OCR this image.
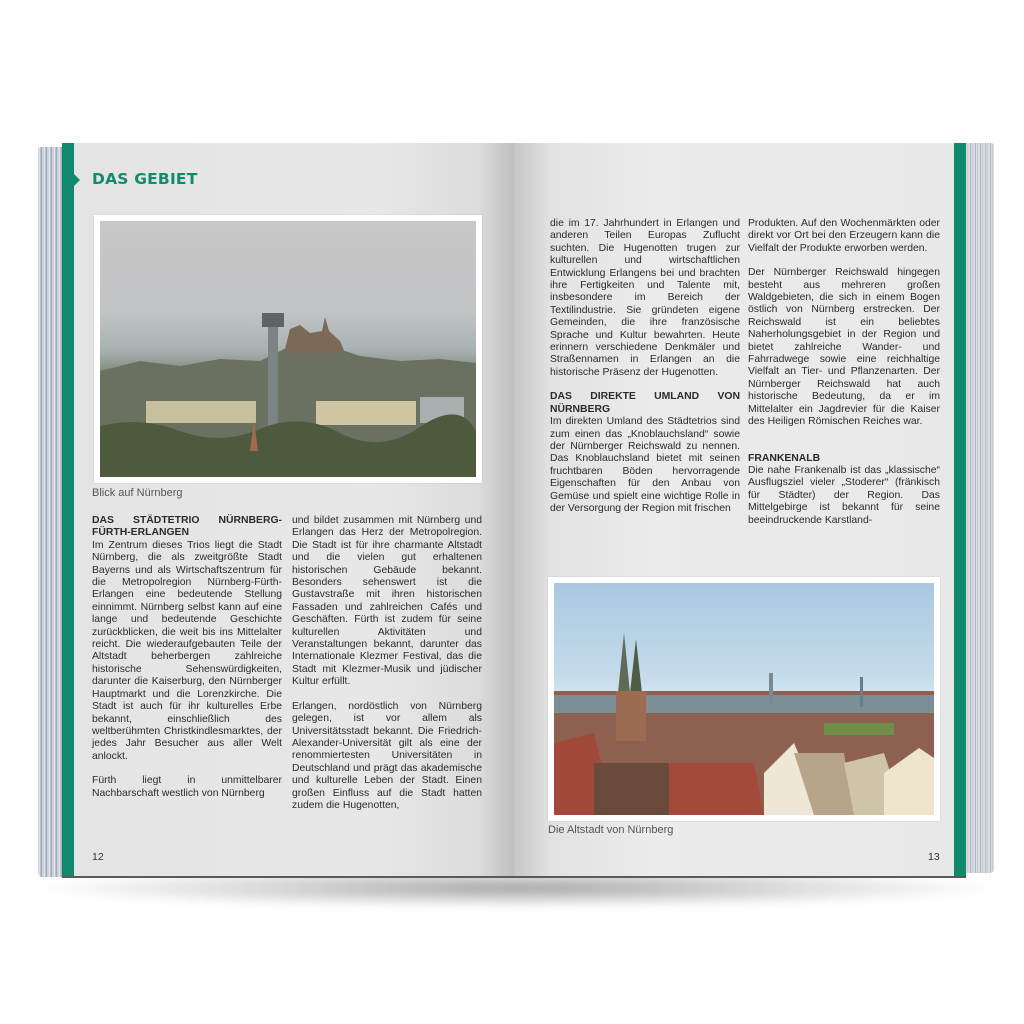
DAS GEBIET
Blick auf Nürnberg
DAS STÄDTETRIO NÜRNBERG-FÜRTH-ERLANGEN

Im Zentrum dieses Trios liegt die Stadt Nürnberg, die als zweitgrößte Stadt Bayerns und als Wirtschaftszentrum für die Metropolregion Nürnberg-Fürth-Erlangen eine bedeutende Stellung einnimmt. Nürnberg selbst kann auf eine lange und bedeutende Geschichte zurückblicken, die weit bis ins Mittelalter reicht. Die wiederaufgebauten Teile der Altstadt beherbergen zahlreiche historische Sehenswürdigkeiten, darunter die Kaiserburg, den Nürnberger Hauptmarkt und die Lorenzkirche. Die Stadt ist auch für ihr kulturelles Erbe bekannt, einschließlich des weltberühmten Christkindlesmarktes, der jedes Jahr Besucher aus aller Welt anlockt.

Fürth liegt in unmittelbarer Nachbarschaft westlich von Nürnberg

und bildet zusammen mit Nürnberg und Erlangen das Herz der Metropolregion. Die Stadt ist für ihre charmante Altstadt und die vielen gut erhaltenen historischen Gebäude bekannt. Besonders sehenswert ist die Gustavstraße mit ihren historischen Fassaden und zahlreichen Cafés und Geschäften. Fürth ist zudem für seine kulturellen Aktivitäten und Veranstaltungen bekannt, darunter das Internationale Klezmer Festival, das die Stadt mit Klezmer-Musik und jüdischer Kultur erfüllt.

Erlangen, nordöstlich von Nürnberg gelegen, ist vor allem als Universitätsstadt bekannt. Die Friedrich-Alexander-Universität gilt als eine der renommiertesten Universitäten in Deutschland und prägt das akademische und kulturelle Leben der Stadt. Einen großen Einfluss auf die Stadt hatten zudem die Hugenotten,

12

die im 17. Jahrhundert in Erlangen und anderen Teilen Europas Zuflucht suchten. Die Hugenotten trugen zur kulturellen und wirtschaftlichen Entwicklung Erlangens bei und brachten ihre Fertigkeiten und Talente mit, insbesondere im Bereich der Textilindustrie. Sie gründeten eigene Gemeinden, die ihre französische Sprache und Kultur bewahrten. Heute erinnern verschiedene Denkmäler und Straßennamen in Erlangen an die historische Präsenz der Hugenotten.

DAS DIREKTE UMLAND VON NÜRNBERG

Im direkten Umland des Städtetrios sind zum einen das „Knoblauchsland“ sowie der Nürnberger Reichswald zu nennen. Das Knoblauchsland bietet mit seinen fruchtbaren Böden hervorragende Eigenschaften für den Anbau von Gemüse und spielt eine wichtige Rolle in der Versorgung der Region mit frischen

Produkten. Auf den Wochenmärkten oder direkt vor Ort bei den Erzeugern kann die Vielfalt der Produkte erworben werden.

Der Nürnberger Reichswald hingegen besteht aus mehreren großen Waldgebieten, die sich in einem Bogen östlich von Nürnberg erstrecken. Der Reichswald ist ein beliebtes Naherholungsgebiet in der Region und bietet zahlreiche Wander- und Fahrradwege sowie eine reichhaltige Vielfalt an Tier- und Pflanzenarten. Der Nürnberger Reichswald hat auch historische Bedeutung, da er im Mittelalter ein Jagdrevier für die Kaiser des Heiligen Römischen Reiches war.

FRANKENALB

Die nahe Frankenalb ist das „klassische“ Ausflugsziel vieler „Stoderer“ (fränkisch für Städter) der Region. Das Mittelgebirge ist bekannt für seine beeindruckende Karstland-

Die Altstadt von Nürnberg
13
